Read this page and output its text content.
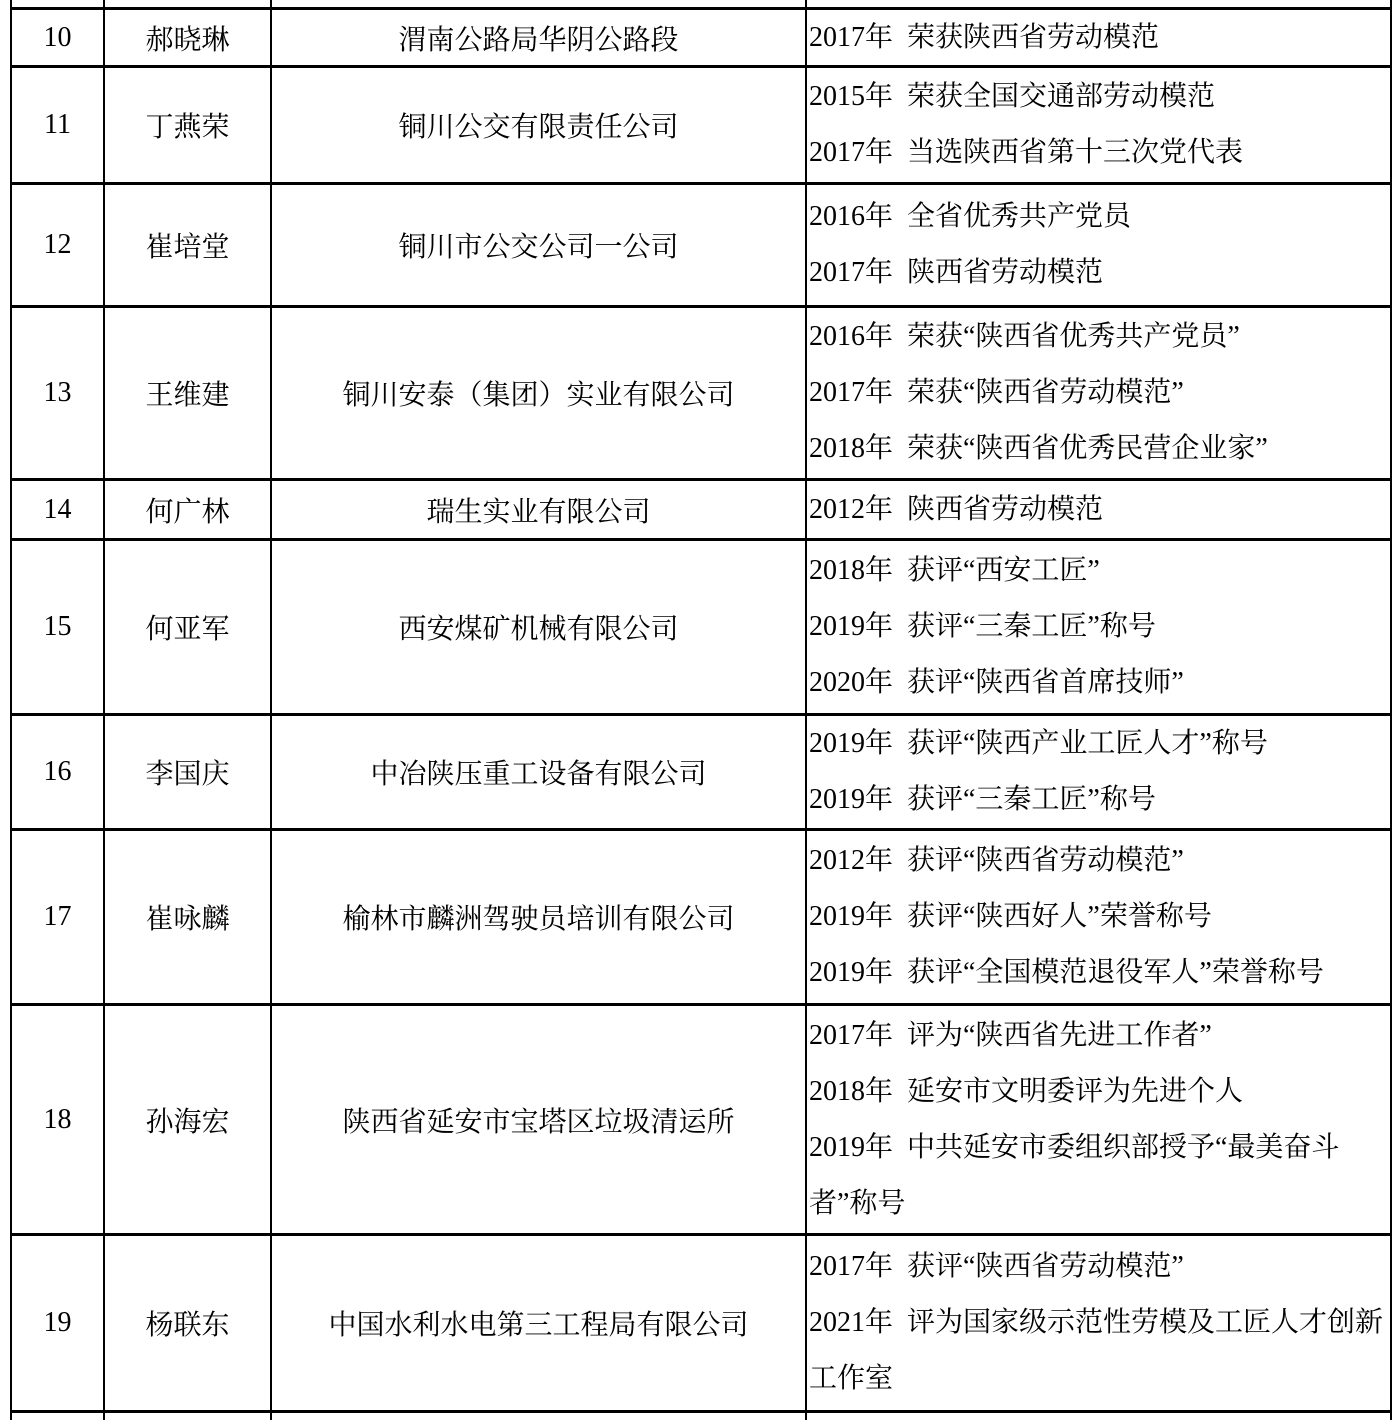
10	郝晓琳	渭南公路局华阴公路段	2017年  荣获陕西省劳动模范
11	丁燕荣	铜川公交有限责任公司
2015年  荣获全国交通部劳动模范
2017年  当选陕西省第十三次党代表
12	崔培堂	铜川市公交公司一公司
2016年  全省优秀共产党员
2017年  陕西省劳动模范
13	王维建	铜川安泰（集团）实业有限公司
2016年  荣获“陕西省优秀共产党员”
2017年  荣获“陕西省劳动模范”
2018年  荣获“陕西省优秀民营企业家”
14	何广林	瑞生实业有限公司	2012年  陕西省劳动模范
15	何亚军	西安煤矿机械有限公司
2018年  获评“西安工匠”
2019年  获评“三秦工匠”称号
2020年  获评“陕西省首席技师”
16	李国庆	中冶陕压重工设备有限公司
2019年  获评“陕西产业工匠人才”称号
2019年  获评“三秦工匠”称号
17	崔咏麟	榆林市麟洲驾驶员培训有限公司
2012年  获评“陕西省劳动模范”
2019年  获评“陕西好人”荣誉称号
2019年  获评“全国模范退役军人”荣誉称号
18	孙海宏	陕西省延安市宝塔区垃圾清运所
2017年  评为“陕西省先进工作者”
2018年  延安市文明委评为先进个人
2019年  中共延安市委组织部授予“最美奋斗
者”称号
19	杨联东	中国水利水电第三工程局有限公司
2017年  获评“陕西省劳动模范”
2021年  评为国家级示范性劳模及工匠人才创新
工作室
